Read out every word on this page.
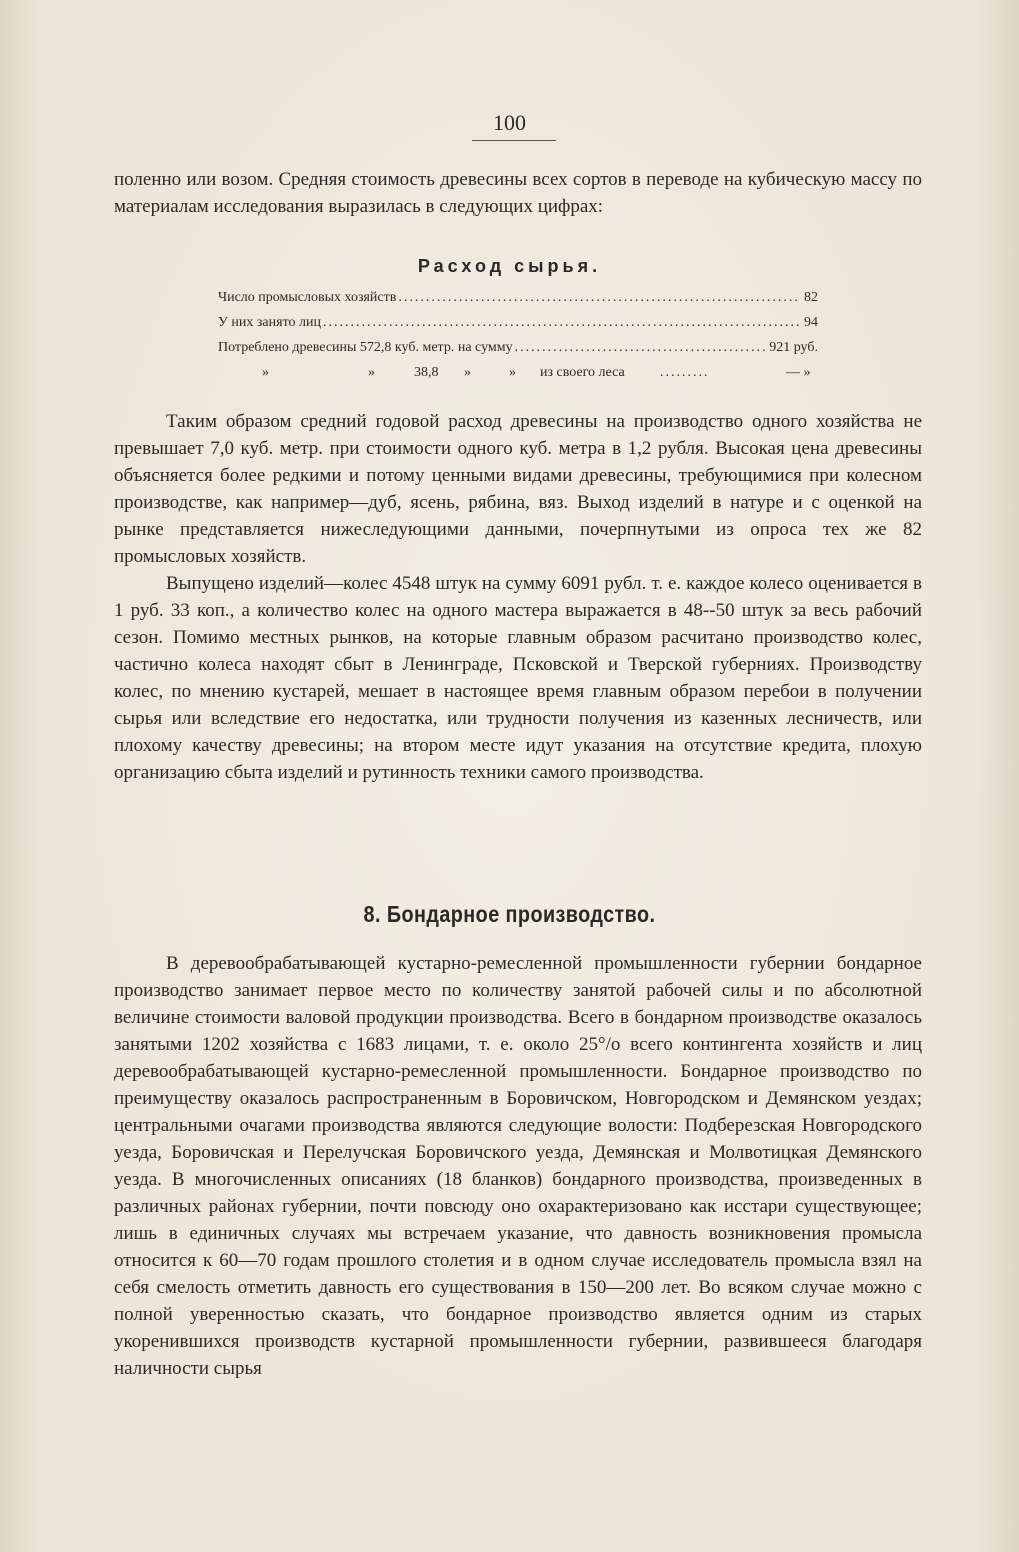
100

поленно или возом. Средняя стоимость древесины всех сортов в переводе на кубическую массу по материалам исследования выразилась в следующих цифрах:

Расход сырья.
Число промысловых хозяйств .....	82
У них занято лиц .....	94
Потреблено древесины 572,8 куб. метр. на сумму .....	921 руб.
»	»	38,8 »	» из своего леса	.........	— »

Таким образом средний годовой расход древесины на производство одного хозяйства не превышает 7,0 куб. метр. при стоимости одного куб. метра в 1,2 рубля. Высокая цена древесины объясняется более редкими и потому ценными видами древесины, требующимися при колесном производстве, как например—дуб, ясень, рябина, вяз. Выход изделий в натуре и с оценкой на рынке представляется нижеследующими данными, почерпнутыми из опроса тех же 82 промысловых хозяйств.

Выпущено изделий—колес 4548 штук на сумму 6091 рубл. т. е. каждое колесо оценивается в 1 руб. 33 коп., а количество колес на одного мастера выражается в 48--50 штук за весь рабочий сезон. Помимо местных рынков, на которые главным образом расчитано производство колес, частично колеса находят сбыт в Ленинграде, Псковской и Тверской губерниях. Производству колес, по мнению кустарей, мешает в настоящее время главным образом перебои в получении сырья или вследствие его недостатка, или трудности получения из казенных лесничеств, или плохому качеству древесины; на втором месте идут указания на отсутствие кредита, плохую организацию сбыта изделий и рутинность техники самого производства.

8. Бондарное производство.

В деревообрабатывающей кустарно-ремесленной промышленности губернии бондарное производство занимает первое место по количеству занятой рабочей силы и по абсолютной величине стоимости валовой продукции производства. Всего в бондарном производстве оказалось занятыми 1202 хозяйства с 1683 лицами, т. е. около 25°/о всего контингента хозяйств и лиц деревообрабатывающей кустарно-ремесленной промышленности. Бондарное производство по преимуществу оказалось распространенным в Боровичском, Новгородском и Демянском уездах; центральными очагами производства являются следующие волости: Подберезская Новгородского уезда, Боровичская и Перелучская Боровичского уезда, Демянская и Молвотицкая Демянского уезда. В многочисленных описаниях (18 бланков) бондарного производства, произведенных в различных районах губернии, почти повсюду оно охарактеризовано как исстари существующее; лишь в единичных случаях мы встречаем указание, что давность возникновения промысла относится к 60—70 годам прошлого столетия и в одном случае исследователь промысла взял на себя смелость отметить давность его существования в 150—200 лет. Во всяком случае можно с полной уверенностью сказать, что бондарное производство является одним из старых укоренившихся производств кустарной промышленности губернии, развившееся благодаря наличности сырья
